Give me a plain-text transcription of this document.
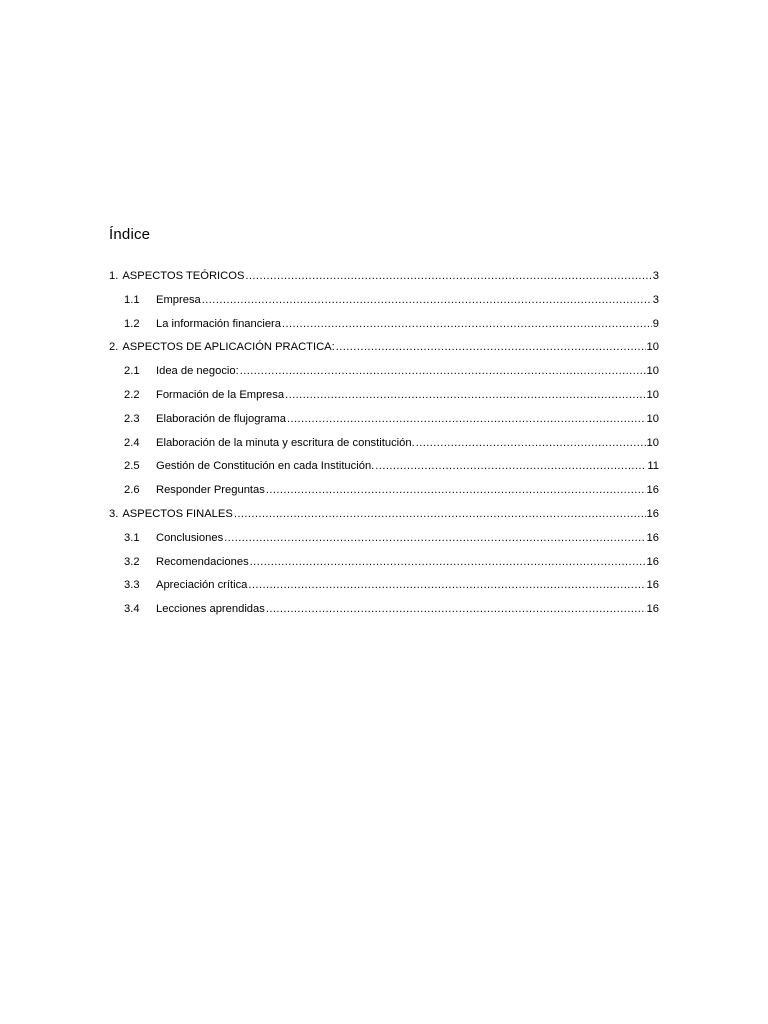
Índice
1. ASPECTOS TEÓRICOS .....	3
1.1	Empresa .....	3
1.2	La información financiera .....	9
2. ASPECTOS DE APLICACIÓN PRACTICA: .....	10
2.1	Idea de negocio: .....	10
2.2	Formación de la Empresa .....	10
2.3	Elaboración de flujograma .....	10
2.4	Elaboración de la minuta y escritura de constitución. .....	10
2.5	Gestión de Constitución en cada Institución. .....	11
2.6	Responder Preguntas .....	16
3. ASPECTOS FINALES .....	16
3.1	Conclusiones .....	16
3.2	Recomendaciones .....	16
3.3	Apreciación crítica .....	16
3.4	Lecciones aprendidas .....	16
